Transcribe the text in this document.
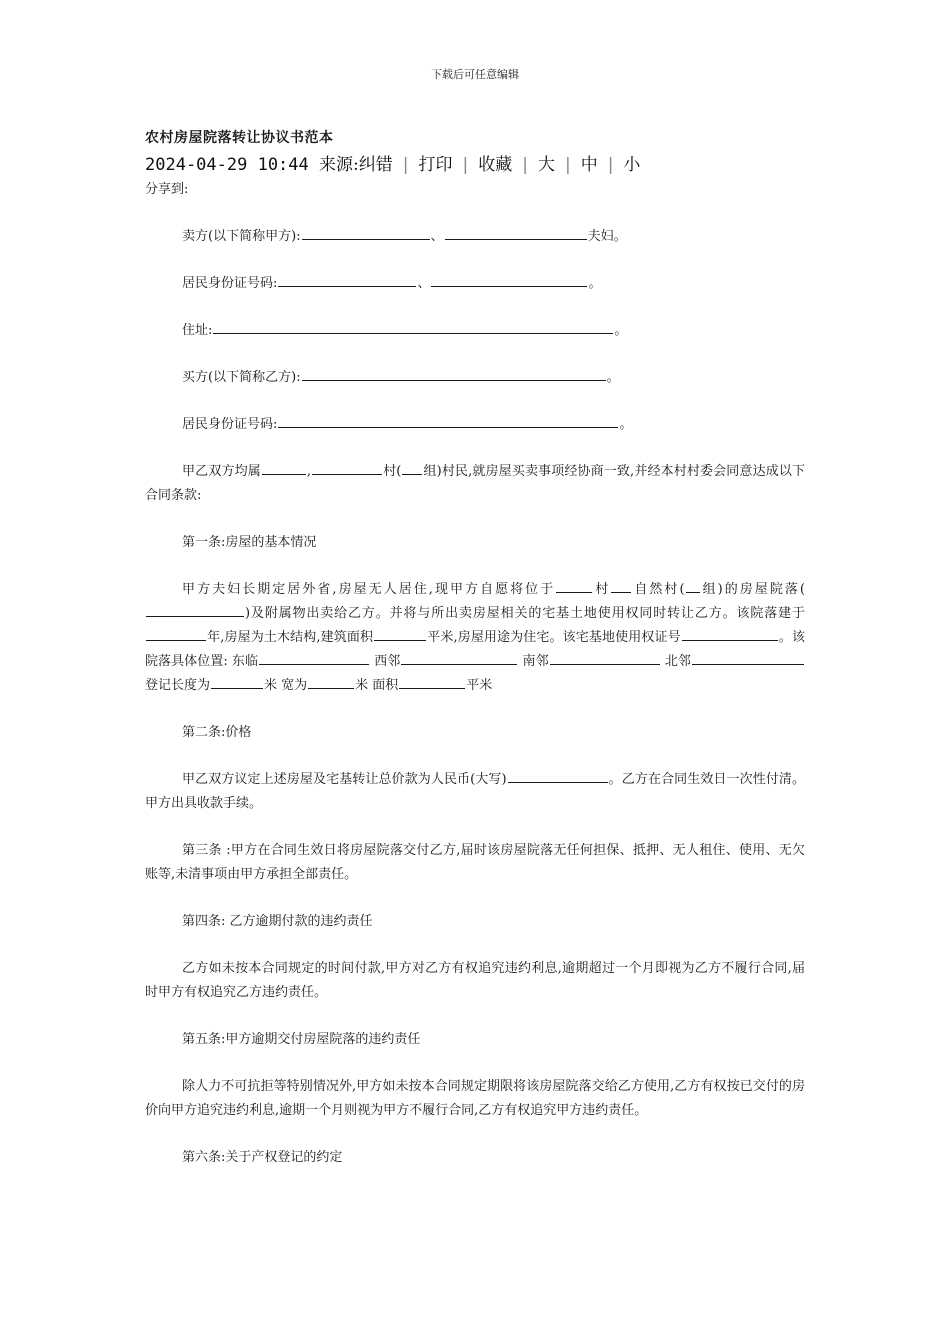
下载后可任意编辑
农村房屋院落转让协议书范本
2024-04-29 10:44 来源:纠错 | 打印 | 收藏 | 大 | 中 | 小
分享到:

卖方(以下简称甲方):	、	夫妇。

居民身份证号码:	、	。

住址:	。

买方(以下简称乙方):	。

居民身份证号码:	。

甲乙双方均属	,	村( 组)村民,就房屋买卖事项经协商一致,并经本村村委会同意达成以下合同条款:

第一条:房屋的基本情况

甲方夫妇长期定居外省,房屋无人居住,现甲方自愿将位于	村 自然村( 组)的房屋院落()及附属物出卖给乙方。并将与所出卖房屋相关的宅基土地使用权同时转让乙方。该院落建于年,房屋为土木结构,建筑面积	平米,房屋用途为住宅。该宅基地使用权证号	。该院落具体位置: 东临	西邻	南邻	北邻 登记长度为	米 宽为	米 面积	平米

第二条:价格

甲乙双方议定上述房屋及宅基转让总价款为人民币(大写)	。乙方在合同生效日一次性付清。甲方出具收款手续。

第三条 :甲方在合同生效日将房屋院落交付乙方,届时该房屋院落无任何担保、抵押、无人租住、使用、无欠账等,未清事项由甲方承担全部责任。

第四条: 乙方逾期付款的违约责任

乙方如未按本合同规定的时间付款,甲方对乙方有权追究违约利息,逾期超过一个月即视为乙方不履行合同,届时甲方有权追究乙方违约责任。

第五条:甲方逾期交付房屋院落的违约责任

除人力不可抗拒等特别情况外,甲方如未按本合同规定期限将该房屋院落交给乙方使用,乙方有权按已交付的房价向甲方追究违约利息,逾期一个月则视为甲方不履行合同,乙方有权追究甲方违约责任。

第六条:关于产权登记的约定
